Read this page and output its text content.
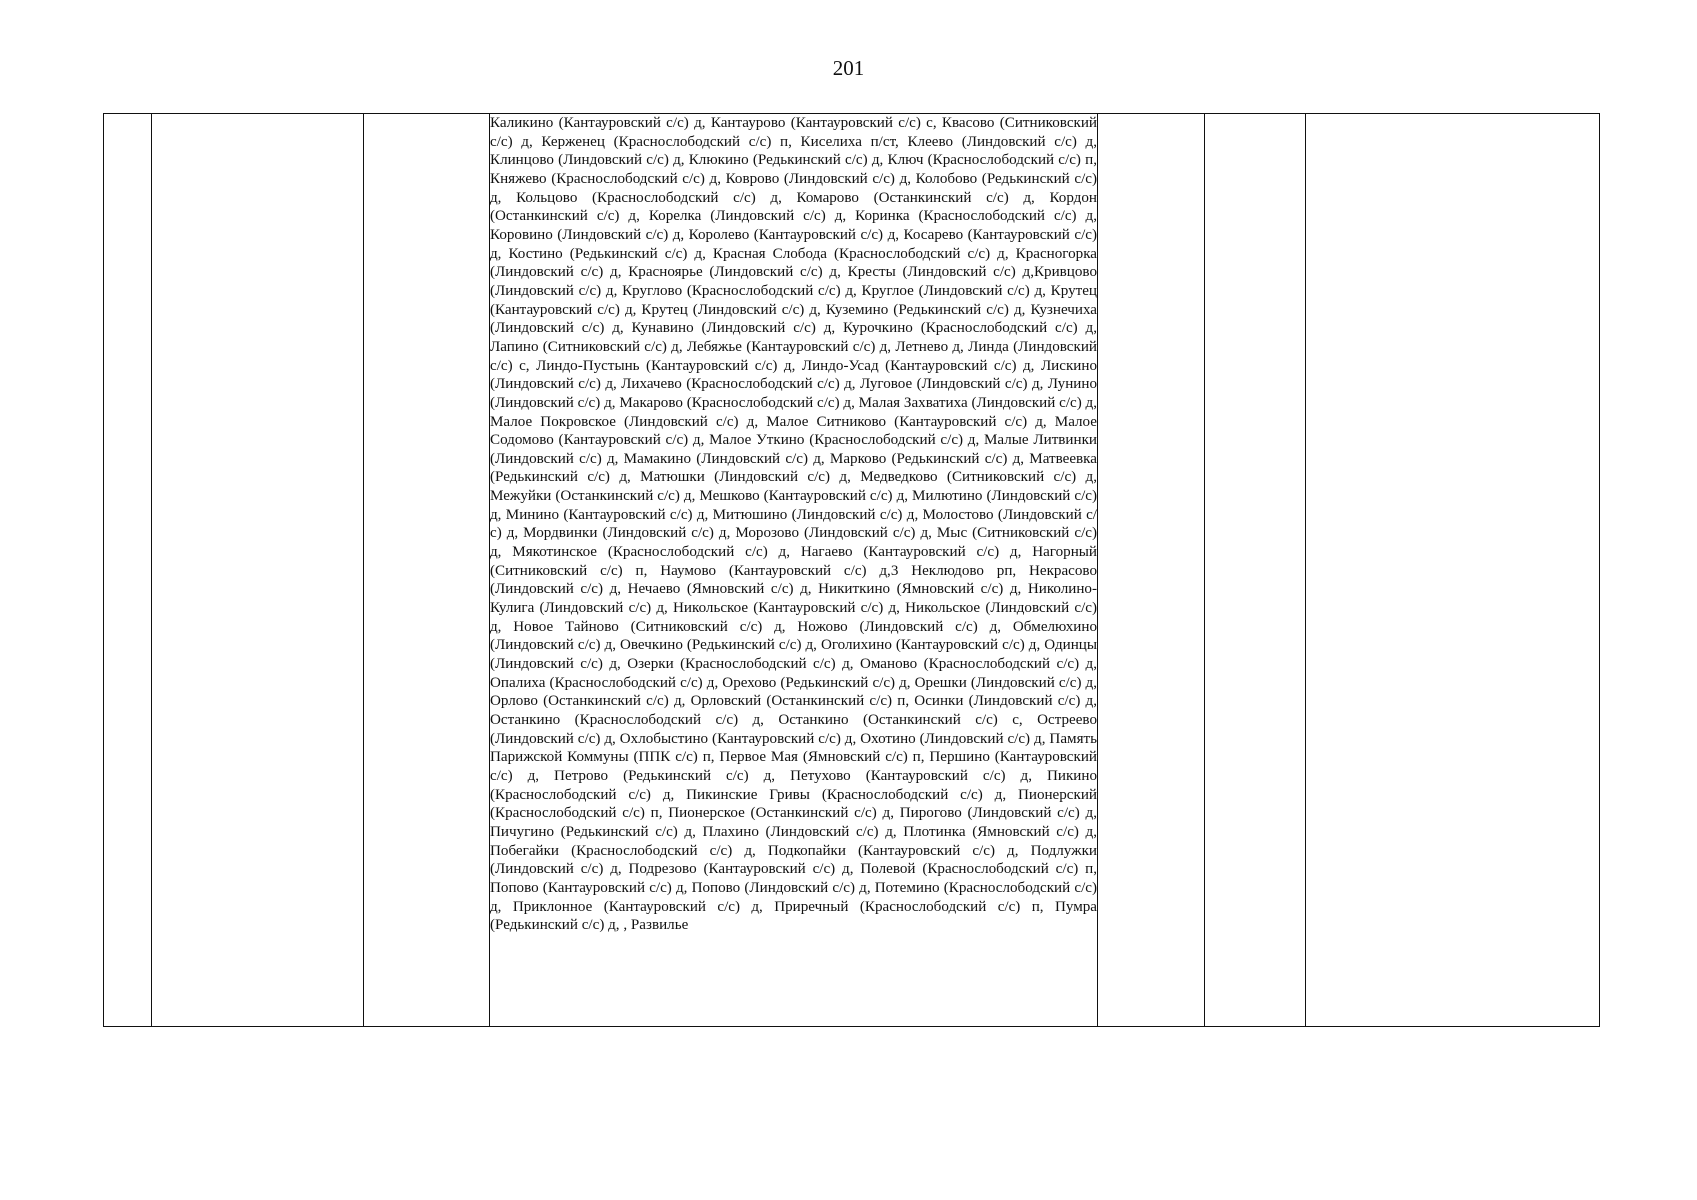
201

Каликино (Кантауровский с/с) д, Кантаурово (Кантауровский с/с) с, Квасово (Ситниковский с/с) д, Керженец (Краснослободский с/с) п, Киселиха п/ст, Клеево (Линдовский с/с) д, Клинцово (Линдовский с/с) д, Клюкино (Редькинский с/с) д, Ключ (Краснослободский с/с) п, Княжево (Краснослободский с/с) д, Коврово (Линдовский с/с) д, Колобово (Редькинский с/с) д, Кольцово (Краснослободский с/с) д, Комарово (Останкинский с/с) д, Кордон (Останкинский с/с) д, Корелка (Линдовский с/с) д, Коринка (Краснослободский с/с) д, Коровино (Линдовский с/с) д, Королево (Кантауровский с/с) д, Косарево (Кантауровский с/с) д, Костино (Редькинский с/с) д, Красная Слобода (Краснослободский с/с) д, Красногорка (Линдовский с/с) д, Красноярье (Линдовский с/с) д, Кресты (Линдовский с/с) д,Кривцово (Линдовский с/с) д, Круглово (Краснослободский с/с) д, Круглое (Линдовский с/с) д, Крутец (Кантауровский с/с) д, Крутец (Линдовский с/с) д, Куземино (Редькинский с/с) д, Кузнечиха (Линдовский с/с) д, Кунавино (Линдовский с/с) д, Курочкино (Краснослободский с/с) д, Лапино (Ситниковский с/с) д, Лебяжье (Кантауровский с/с) д, Летнево д, Линда (Линдовский с/с) с, Линдо-Пустынь (Кантауровский с/с) д, Линдо-Усад (Кантауровский с/с) д, Лискино (Линдовский с/с) д, Лихачево (Краснослободский с/с) д, Луговое (Линдовский с/с) д, Лунино (Линдовский с/с) д, Макарово (Краснослободский с/с) д, Малая Захватиха (Линдовский с/с) д, Малое Покровское (Линдовский с/с) д, Малое Ситниково (Кантауровский с/с) д, Малое Содомово (Кантауровский с/с) д, Малое Уткино (Краснослободский с/с) д, Малые Литвинки (Линдовский с/с) д, Мамакино (Линдовский с/с) д, Марково (Редькинский с/с) д, Матвеевка (Редькинский с/с) д, Матюшки (Линдовский с/с) д, Медведково (Ситниковский с/с) д, Межуйки (Останкинский с/с) д, Мешково (Кантауровский с/с) д, Милютино (Линдовский с/с) д, Минино (Кантауровский с/с) д, Митюшино (Линдовский с/с) д, Молостово (Линдовский с/с) д, Мордвинки (Линдовский с/с) д, Морозово (Линдовский с/с) д, Мыс (Ситниковский с/с) д, Мякотинское (Краснослободский с/с) д, Нагаево (Кантауровский с/с) д, Нагорный (Ситниковский с/с) п, Наумово (Кантауровский с/с) д,3 Неклюдово рп, Некрасово (Линдовский с/с) д, Нечаево (Ямновский с/с) д, Никиткино (Ямновский с/с) д, Николино-Кулига (Линдовский с/с) д, Никольское (Кантауровский с/с) д, Никольское (Линдовский с/с) д, Новое Тайново (Ситниковский с/с) д, Ножово (Линдовский с/с) д, Обмелюхино (Линдовский с/с) д, Овечкино (Редькинский с/с) д, Оголихино (Кантауровский с/с) д, Одинцы (Линдовский с/с) д, Озерки (Краснослободский с/с) д, Оманово (Краснослободский с/с) д, Опалиха (Краснослободский с/с) д, Орехово (Редькинский с/с) д, Орешки (Линдовский с/с) д, Орлово (Останкинский с/с) д, Орловский (Останкинский с/с) п, Осинки (Линдовский с/с) д, Останкино (Краснослободский с/с) д, Останкино (Останкинский с/с) с, Остреево (Линдовский с/с) д, Охлобыстино (Кантауровский с/с) д, Охотино (Линдовский с/с) д, Память Парижской Коммуны (ППК с/с) п, Первое Мая (Ямновский с/с) п, Першино (Кантауровский с/с) д, Петрово (Редькинский с/с) д, Петухово (Кантауровский с/с) д, Пикино (Краснослободский с/с) д, Пикинские Гривы (Краснослободский с/с) д, Пионерский (Краснослободский с/с) п, Пионерское (Останкинский с/с) д, Пирогово (Линдовский с/с) д, Пичугино (Редькинский с/с) д, Плахино (Линдовский с/с) д, Плотинка (Ямновский с/с) д, Побегайки (Краснослободский с/с) д, Подкопайки (Кантауровский с/с) д, Подлужки (Линдовский с/с) д, Подрезово (Кантауровский с/с) д, Полевой (Краснослободский с/с) п, Попово (Кантауровский с/с) д, Попово (Линдовский с/с) д, Потемино (Краснослободский с/с) д, Приклонное (Кантауровский с/с) д, Приречный (Краснослободский с/с) п, Пумра (Редькинский с/с) д, , Развилье
